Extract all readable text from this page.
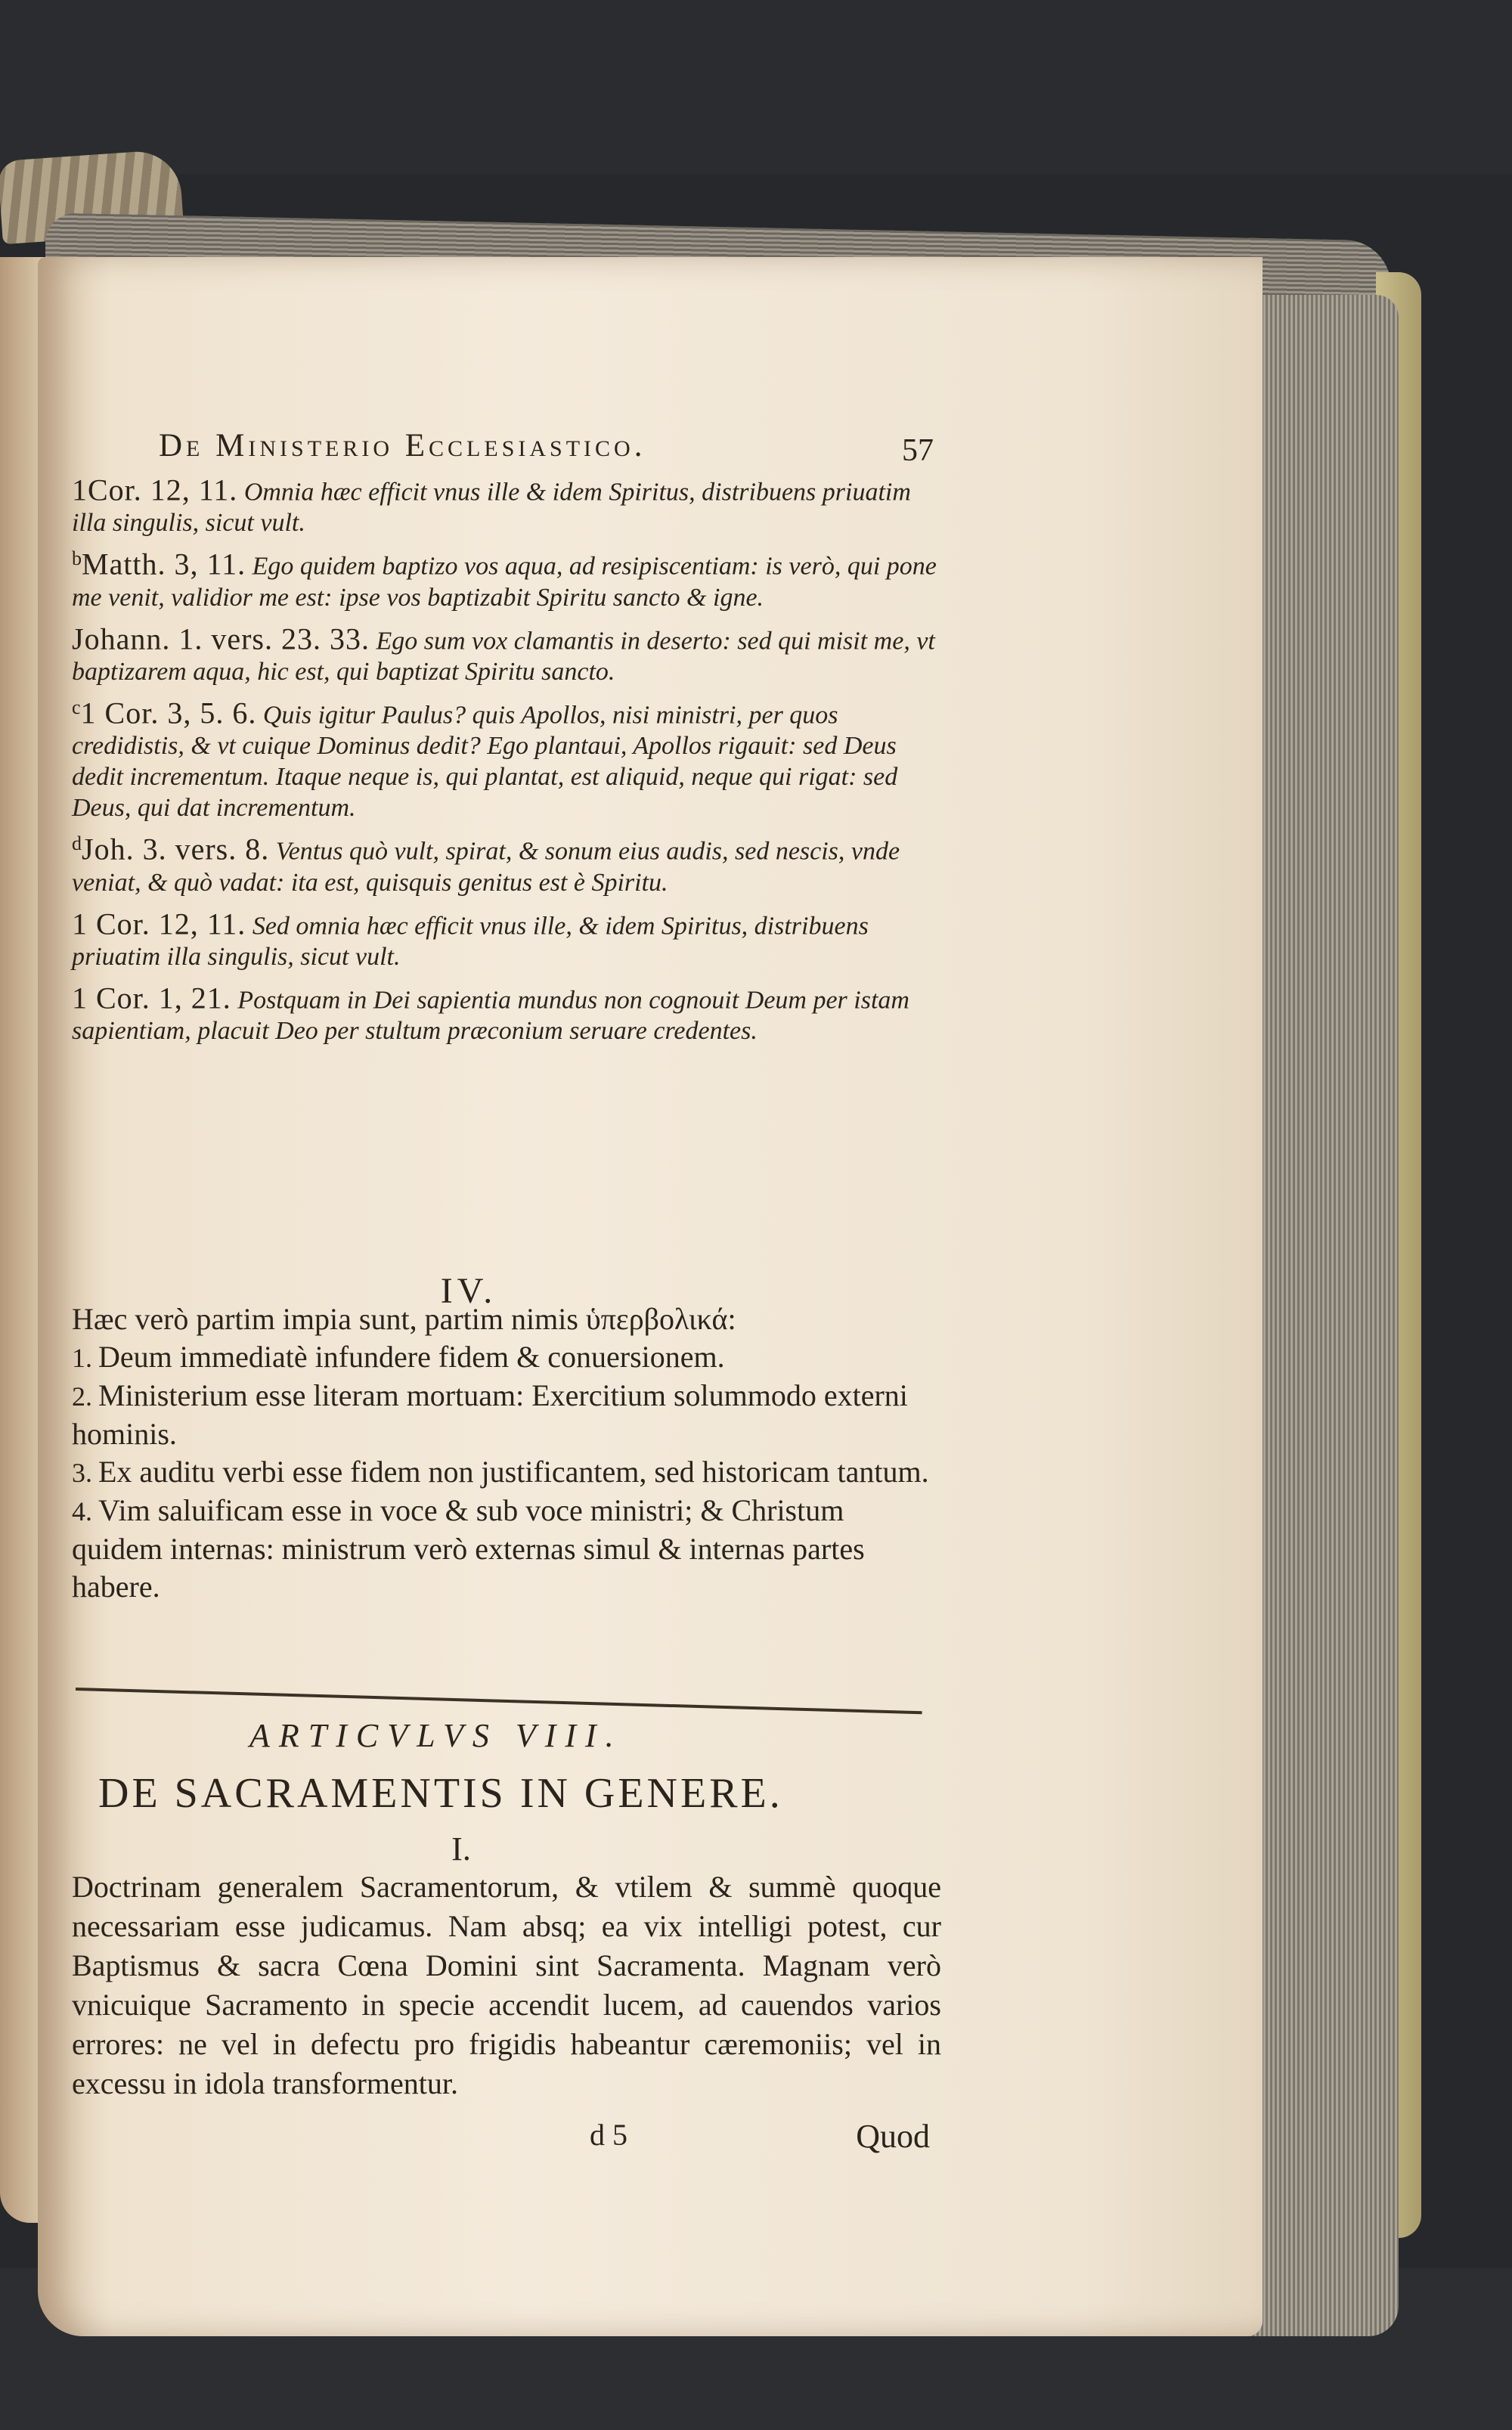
De Ministerio Ecclesiastico.	57
1Cor. 12, 11. Omnia hæc efficit vnus ille & idem Spiritus, distribuens priuatim illa singulis, sicut vult.
$^b$Matth. 3, 11. Ego quidem baptizo vos aqua, ad resipiscentiam: is verò, qui pone me venit, validior me est: ipse vos baptizabit Spiritu sancto & igne.
Johann. 1. vers. 23. 33. Ego sum vox clamantis in deserto: sed qui misit me, vt baptizarem aqua, hic est, qui baptizat Spiritu sancto.
$^c$1 Cor. 3, 5. 6. Quis igitur Paulus? quis Apollos, nisi ministri, per quos credidistis, & vt cuique Dominus dedit? Ego plantaui, Apollos rigauit: sed Deus dedit incrementum. Itaque neque is, qui plantat, est aliquid, neque qui rigat: sed Deus, qui dat incrementum.
$^d$Joh. 3. vers. 8. Ventus quò vult, spirat, & sonum eius audis, sed nescis, vnde veniat, & quò vadat: ita est, quisquis genitus est è Spiritu.
1 Cor. 12, 11. Sed omnia hæc efficit vnus ille, & idem Spiritus, distribuens priuatim illa singulis, sicut vult.
1 Cor. 1, 21. Postquam in Dei sapientia mundus non cognouit Deum per istam sapientiam, placuit Deo per stultum præconium seruare credentes.
IV.
Hæc verò partim impia sunt, partim nimis ὑπερβολικά:
1. Deum immediatè infundere fidem & conuersionem.
2. Ministerium esse literam mortuam: Exercitium solummodo externi hominis.
3. Ex auditu verbi esse fidem non justificantem, sed historicam tantum.
4. Vim saluificam esse in voce & sub voce ministri; & Christum quidem internas: ministrum verò externas simul & internas partes habere.
ARTICVLVS VIII.
DE SACRAMENTIS IN GENERE.
I.
Doctrinam generalem Sacramentorum, & vtilem & summè quoque necessariam esse judicamus. Nam absq; ea vix intelligi potest, cur Baptismus & sacra Cœna Domini sint Sacramenta. Magnam verò vnicuique Sacramento in specie accendit lucem, ad cauendos varios errores: ne vel in defectu pro frigidis habeantur cæremoniis; vel in excessu in idola transformentur.
d 5	Quod
